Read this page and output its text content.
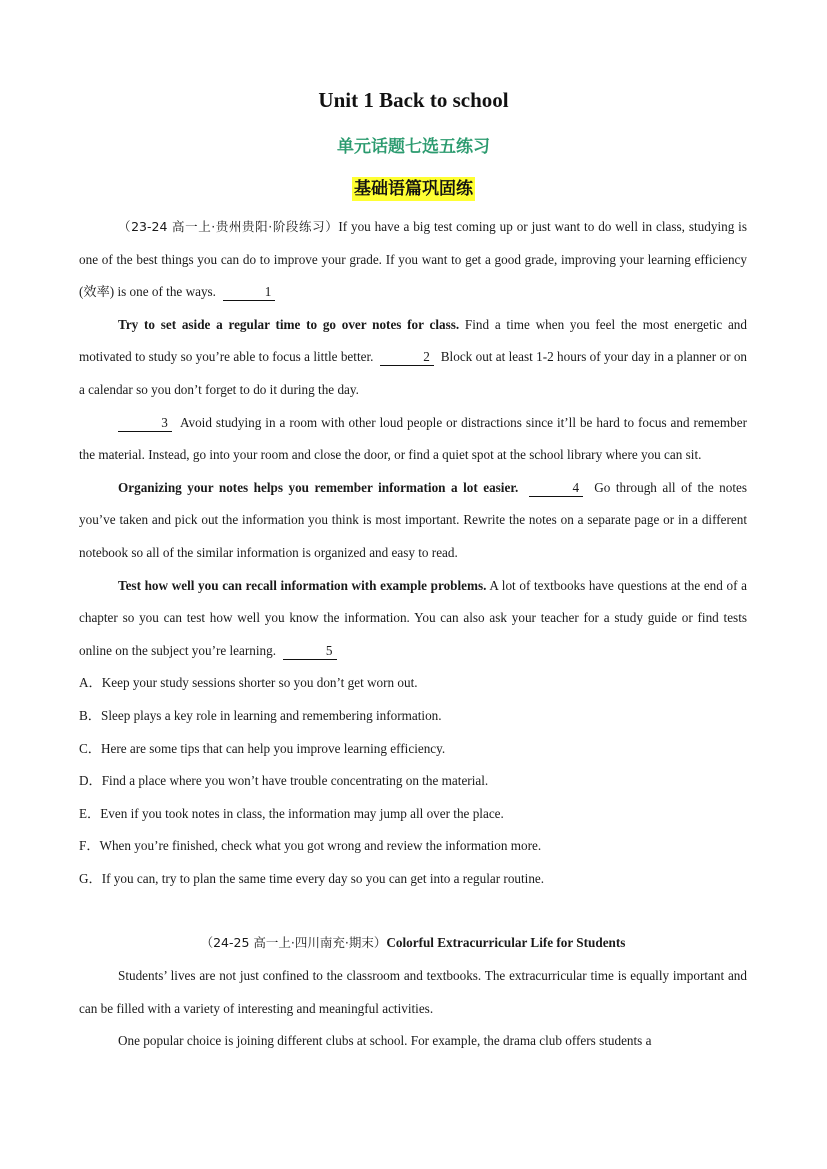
Unit 1 Back to school
单元话题七选五练习
基础语篇巩固练

（23-24 高一上·贵州贵阳·阶段练习）If you have a big test coming up or just want to do well in class, studying is one of the best things you can do to improve your grade. If you want to get a good grade, improving your learning efficiency (效率) is one of the ways.	1

Try to set aside a regular time to go over notes for class. Find a time when you feel the most energetic and motivated to study so you’re able to focus a little better.	2 Block out at least 1-2 hours of your day in a planner or on a calendar so you don’t forget to do it during the day.

3 Avoid studying in a room with other loud people or distractions since it’ll be hard to focus and remember the material. Instead, go into your room and close the door, or find a quiet spot at the school library where you can sit.

Organizing your notes helps you remember information a lot easier.	4 Go through all of the notes you’ve taken and pick out the information you think is most important. Rewrite the notes on a separate page or in a different notebook so all of the similar information is organized and easy to read.

Test how well you can recall information with example problems. A lot of textbooks have questions at the end of a chapter so you can test how well you know the information. You can also ask your teacher for a study guide or find tests online on the subject you’re learning.	5

A．Keep your study sessions shorter so you don’t get worn out.

B．Sleep plays a key role in learning and remembering information.

C．Here are some tips that can help you improve learning efficiency.

D．Find a place where you won’t have trouble concentrating on the material.

E．Even if you took notes in class, the information may jump all over the place.

F．When you’re finished, check what you got wrong and review the information more.

G．If you can, try to plan the same time every day so you can get into a regular routine.

（24-25 高一上·四川南充·期末）Colorful Extracurricular Life for Students

Students’ lives are not just confined to the classroom and textbooks. The extracurricular time is equally important and can be filled with a variety of interesting and meaningful activities.

One popular choice is joining different clubs at school. For example, the drama club offers students a
